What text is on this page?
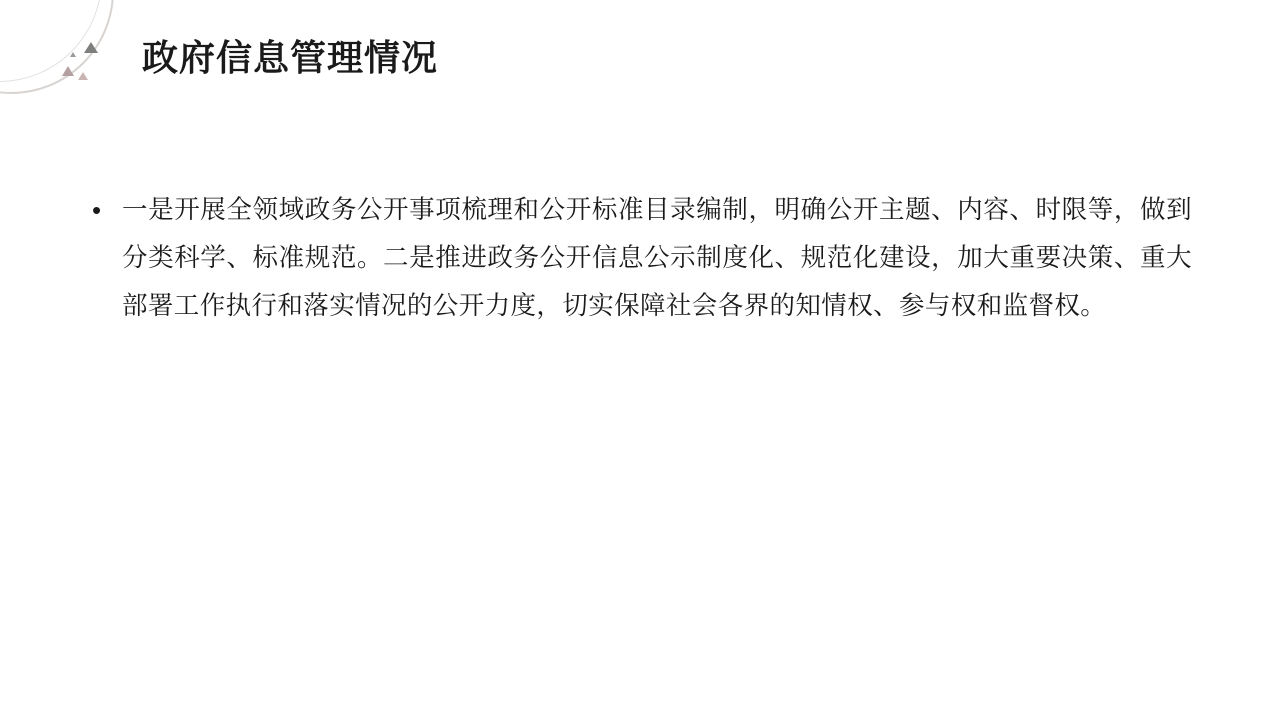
政府信息管理情况
• 一是开展全领域政务公开事项梳理和公开标准目录编制，明确公开主题、内容、时限等，做到分类科学、标准规范。二是推进政务公开信息公示制度化、规范化建设，加大重要决策、重大部署工作执行和落实情况的公开力度，切实保障社会各界的知情权、参与权和监督权。
